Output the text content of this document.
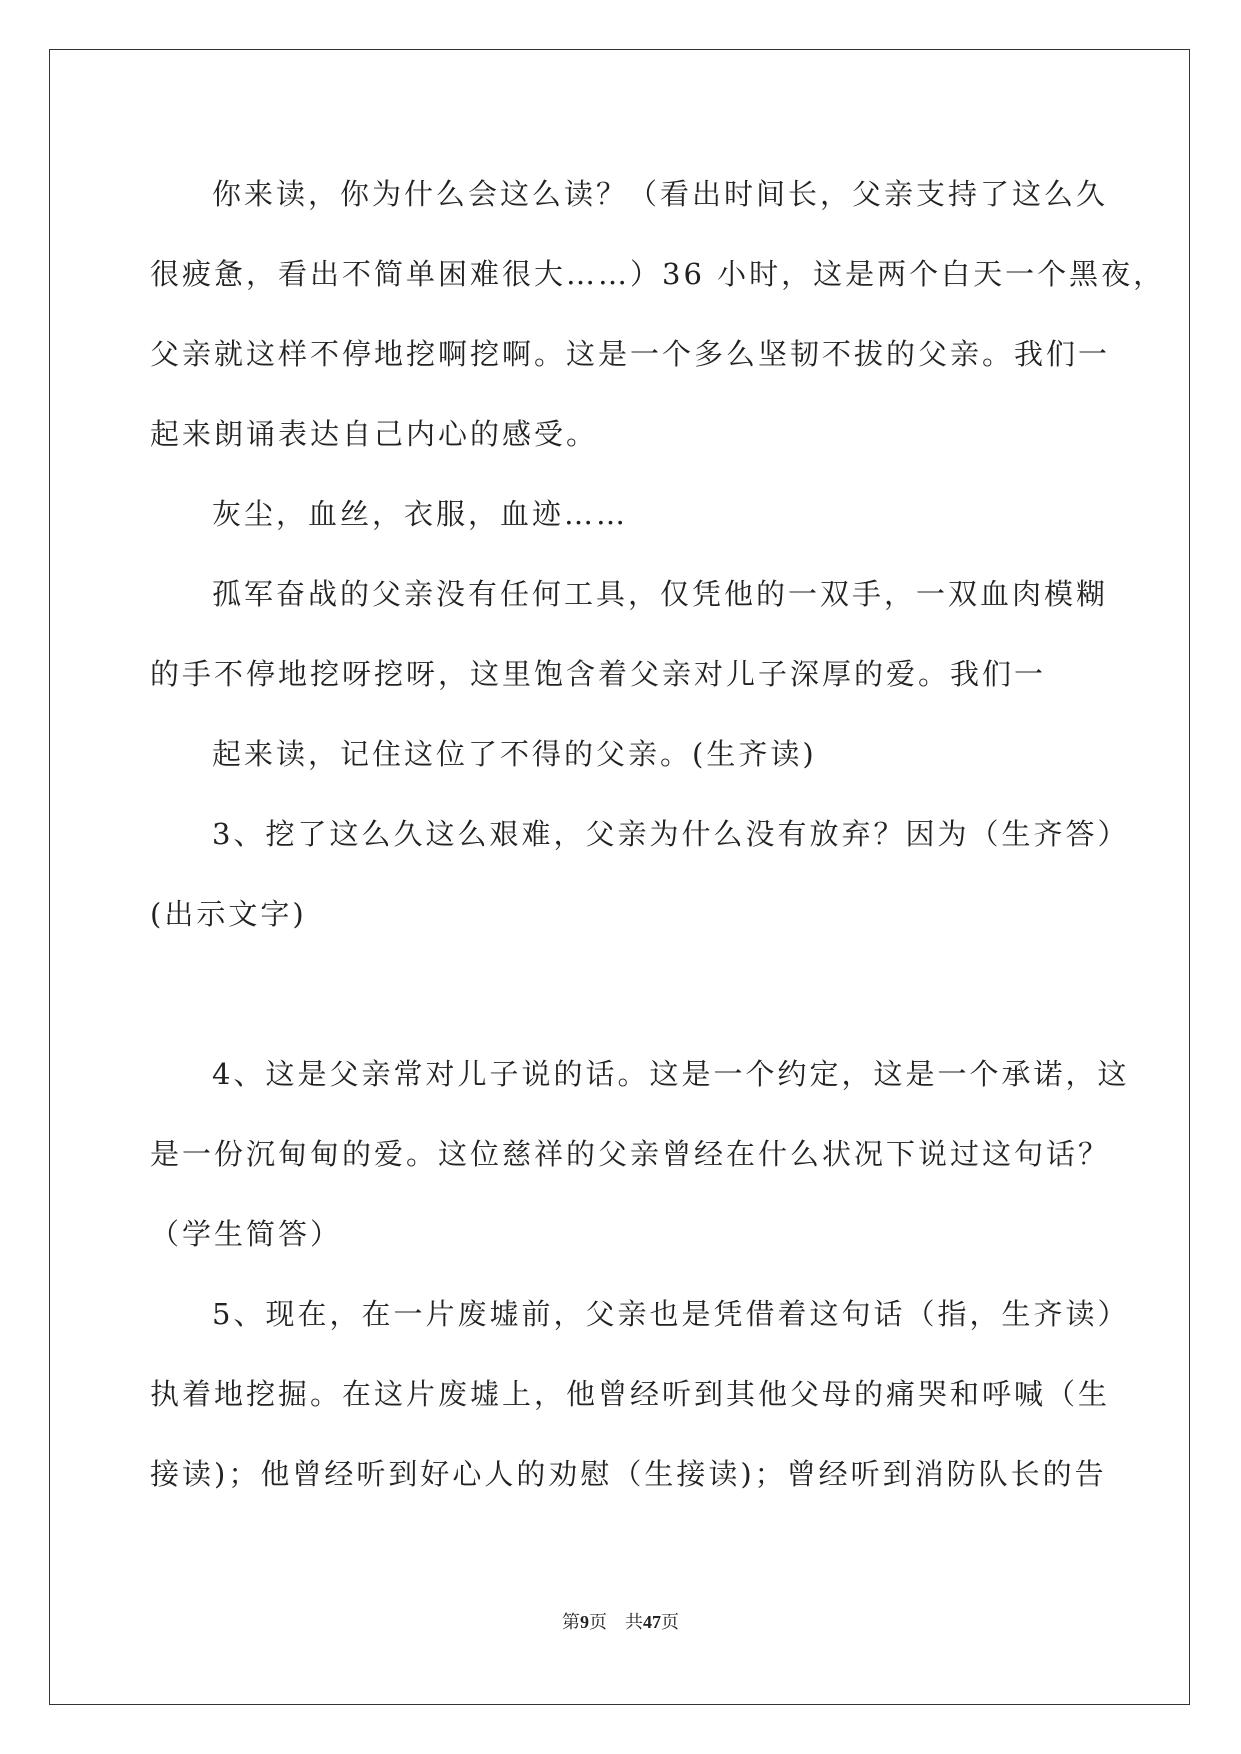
你来读，你为什么会这么读？（看出时间长，父亲支持了这么久
很疲惫，看出不简单困难很大……）36 小时，这是两个白天一个黑夜，
父亲就这样不停地挖啊挖啊。这是一个多么坚韧不拔的父亲。我们一
起来朗诵表达自己内心的感受。
灰尘，血丝，衣服，血迹……
孤军奋战的父亲没有任何工具，仅凭他的一双手，一双血肉模糊
的手不停地挖呀挖呀，这里饱含着父亲对儿子深厚的爱。我们一
起来读，记住这位了不得的父亲。(生齐读)
3、挖了这么久这么艰难，父亲为什么没有放弃？因为（生齐答）
(出示文字)
4、这是父亲常对儿子说的话。这是一个约定，这是一个承诺，这
是一份沉甸甸的爱。这位慈祥的父亲曾经在什么状况下说过这句话？
（学生简答）
5、现在，在一片废墟前，父亲也是凭借着这句话（指，生齐读）
执着地挖掘。在这片废墟上，他曾经听到其他父母的痛哭和呼喊（生
接读)；他曾经听到好心人的劝慰（生接读)；曾经听到消防队长的告
第9页　共47页
